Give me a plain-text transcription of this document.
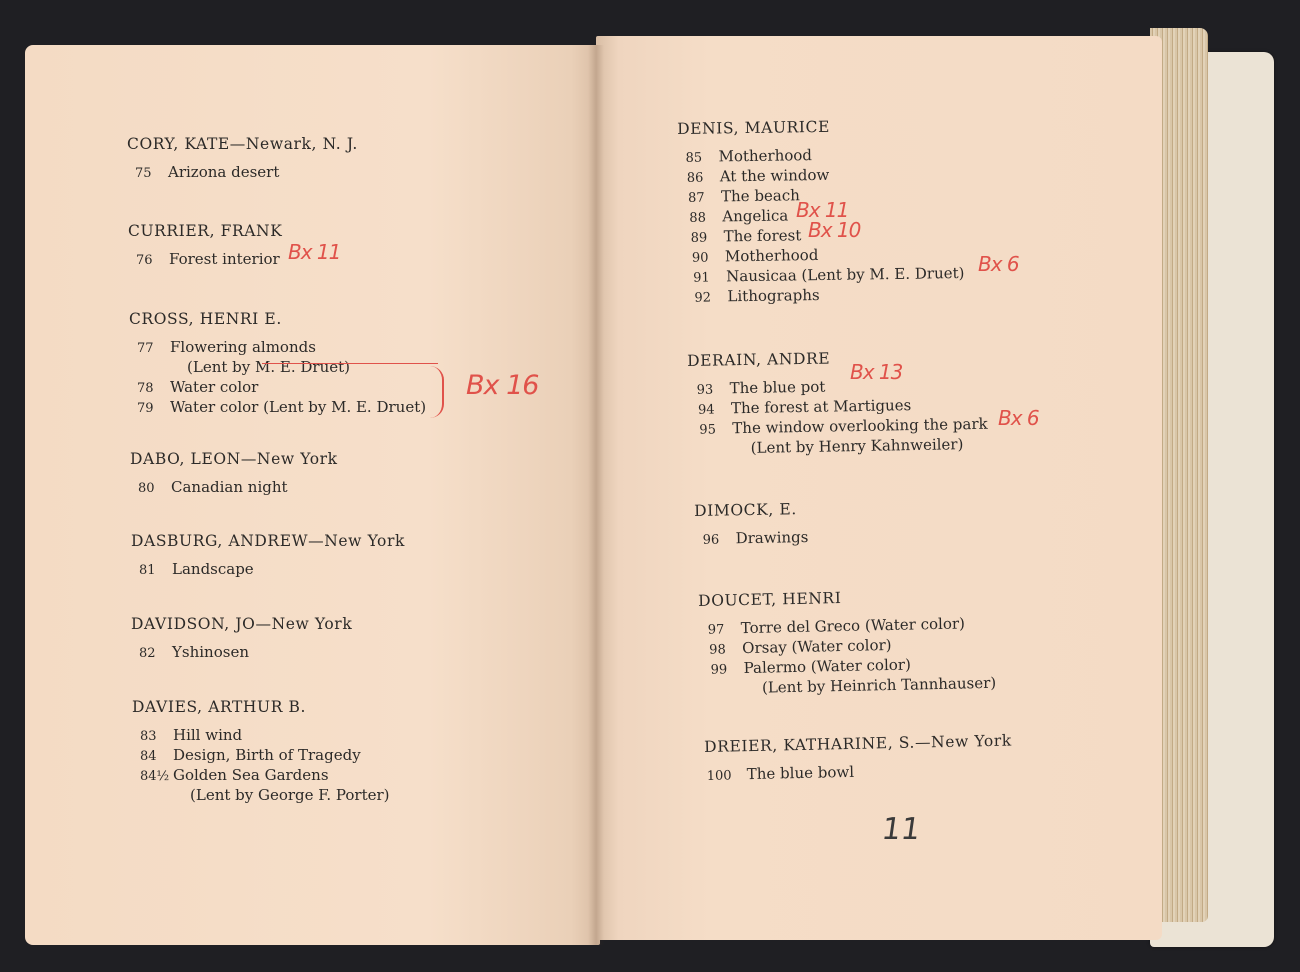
CORY, KATE—Newark, N. J.
75 Arizona desert
CURRIER, FRANK
76 Forest interior
CROSS, HENRI E.
77 Flowering almonds
(Lent by M. E. Druet)
78 Water color
79 Water color (Lent by M. E. Druet)
DABO, LEON—New York
80 Canadian night
DASBURG, ANDREW—New York
81 Landscape
DAVIDSON, JO—New York
82 Yshinosen
DAVIES, ARTHUR B.
83 Hill wind
84 Design, Birth of Tragedy
84½ Golden Sea Gardens
(Lent by George F. Porter)
DENIS, MAURICE
85 Motherhood
86 At the window
87 The beach
88 Angelica
89 The forest
90 Motherhood
91 Nausicaa (Lent by M. E. Druet)
92 Lithographs
DERAIN, ANDRE
93 The blue pot
94 The forest at Martigues
95 The window overlooking the park
(Lent by Henry Kahnweiler)
DIMOCK, E.
96 Drawings
DOUCET, HENRI
97 Torre del Greco (Water color)
98 Orsay (Water color)
99 Palermo (Water color)
(Lent by Heinrich Tannhauser)
DREIER, KATHARINE, S.—New York
100 The blue bowl
Bx 11
Bx 16
Bx 11
Bx 10
Bx 6
Bx 13
Bx 6
11
